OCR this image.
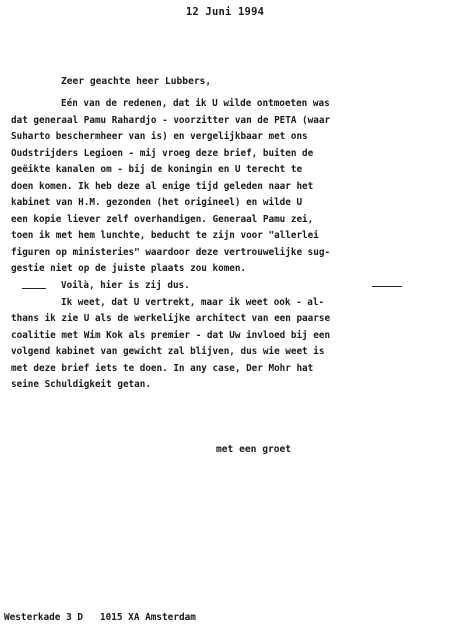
12 Juni 1994
Zeer geachte heer Lubbers,
Eén van de redenen, dat ik U wilde ontmoeten was
dat generaal Pamu Rahardjo - voorzitter van de PETA (waar
Suharto beschermheer van is) en vergelijkbaar met ons
Oudstrijders Legioen - mij vroeg deze brief, buiten de
geëikte kanalen om - bij de koningin en U terecht te
doen komen. Ik heb deze al enige tijd geleden naar het
kabinet van H.M. gezonden (het origineel) en wilde U
een kopie liever zelf overhandigen. Generaal Pamu zei,
toen ik met hem lunchte, beducht te zijn voor "allerlei
figuren op ministeries" waardoor deze vertrouwelijke sug-
gestie niet op de juiste plaats zou komen.
Voilà, hier is zij dus.
Ik weet, dat U vertrekt, maar ik weet ook - al-
thans ik zie U als de werkelijke architect van een paarse
coalitie met Wim Kok als premier - dat Uw invloed bij een
volgend kabinet van gewicht zal blijven, dus wie weet is
met deze brief iets te doen. In any case, Der Mohr hat
seine Schuldigkeit getan.
met een groet
Westerkade 3 D   1015 XA Amsterdam
